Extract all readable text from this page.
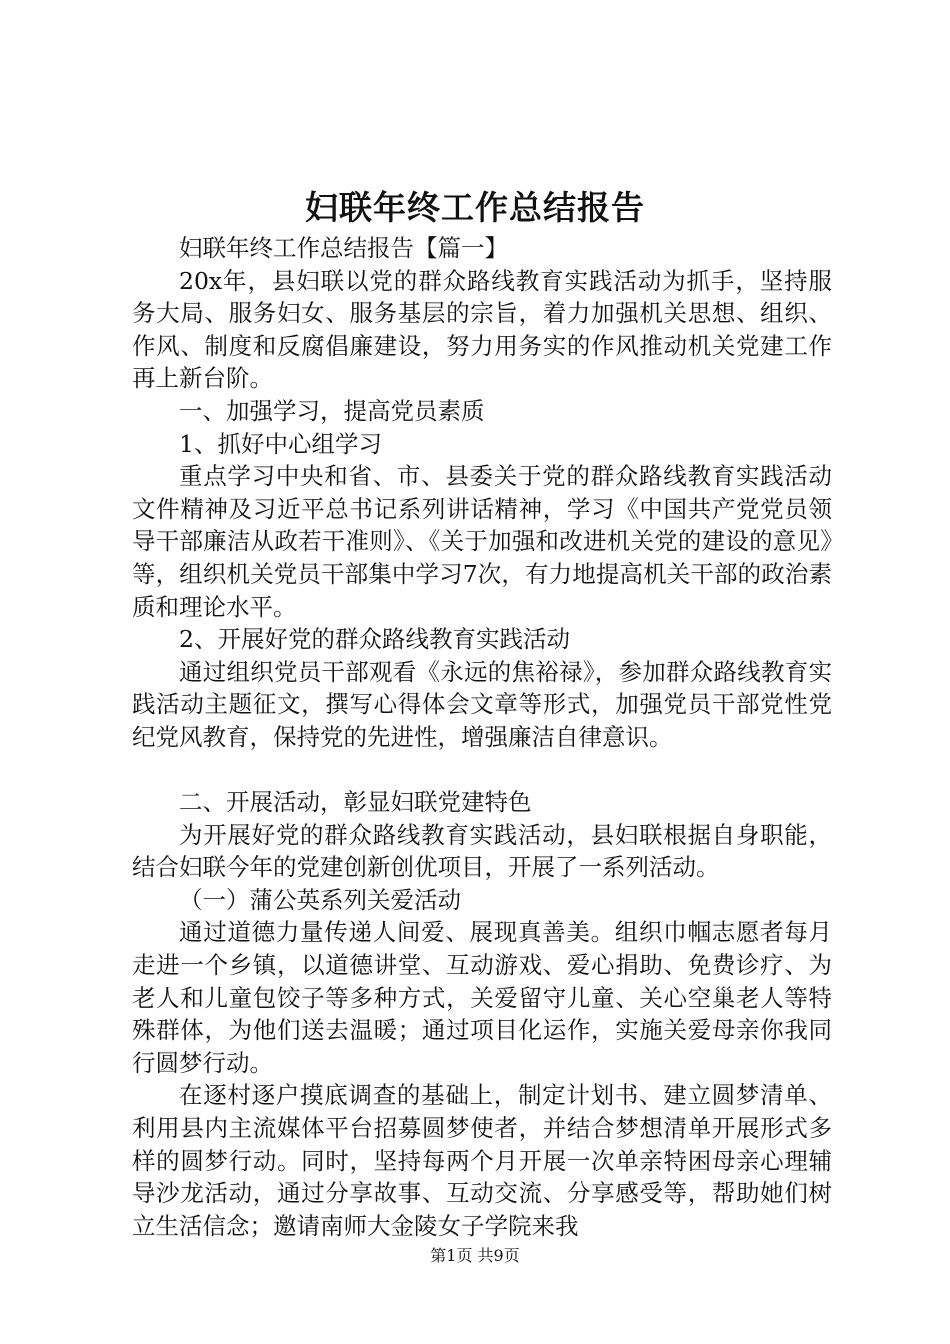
妇联年终工作总结报告

妇联年终工作总结报告【篇一】

20x年，县妇联以党的群众路线教育实践活动为抓手，坚持服务大局、服务妇女、服务基层的宗旨，着力加强机关思想、组织、作风、制度和反腐倡廉建设，努力用务实的作风推动机关党建工作再上新台阶。

一、加强学习，提高党员素质

1、抓好中心组学习

重点学习中央和省、市、县委关于党的群众路线教育实践活动文件精神及习近平总书记系列讲话精神，学习《中国共产党党员领导干部廉洁从政若干准则》、《关于加强和改进机关党的建设的意见》等，组织机关党员干部集中学习7次，有力地提高机关干部的政治素质和理论水平。

2、开展好党的群众路线教育实践活动

通过组织党员干部观看《永远的焦裕禄》，参加群众路线教育实践活动主题征文，撰写心得体会文章等形式，加强党员干部党性党纪党风教育，保持党的先进性，增强廉洁自律意识。

二、开展活动，彰显妇联党建特色

为开展好党的群众路线教育实践活动，县妇联根据自身职能，结合妇联今年的党建创新创优项目，开展了一系列活动。

（一）蒲公英系列关爱活动

通过道德力量传递人间爱、展现真善美。组织巾帼志愿者每月走进一个乡镇，以道德讲堂、互动游戏、爱心捐助、免费诊疗、为老人和儿童包饺子等多种方式，关爱留守儿童、关心空巢老人等特殊群体，为他们送去温暖；通过项目化运作，实施关爱母亲你我同行圆梦行动。

在逐村逐户摸底调查的基础上，制定计划书、建立圆梦清单、利用县内主流媒体平台招募圆梦使者，并结合梦想清单开展形式多样的圆梦行动。同时，坚持每两个月开展一次单亲特困母亲心理辅导沙龙活动，通过分享故事、互动交流、分享感受等，帮助她们树立生活信念；邀请南师大金陵女子学院来我

第1页 共9页
